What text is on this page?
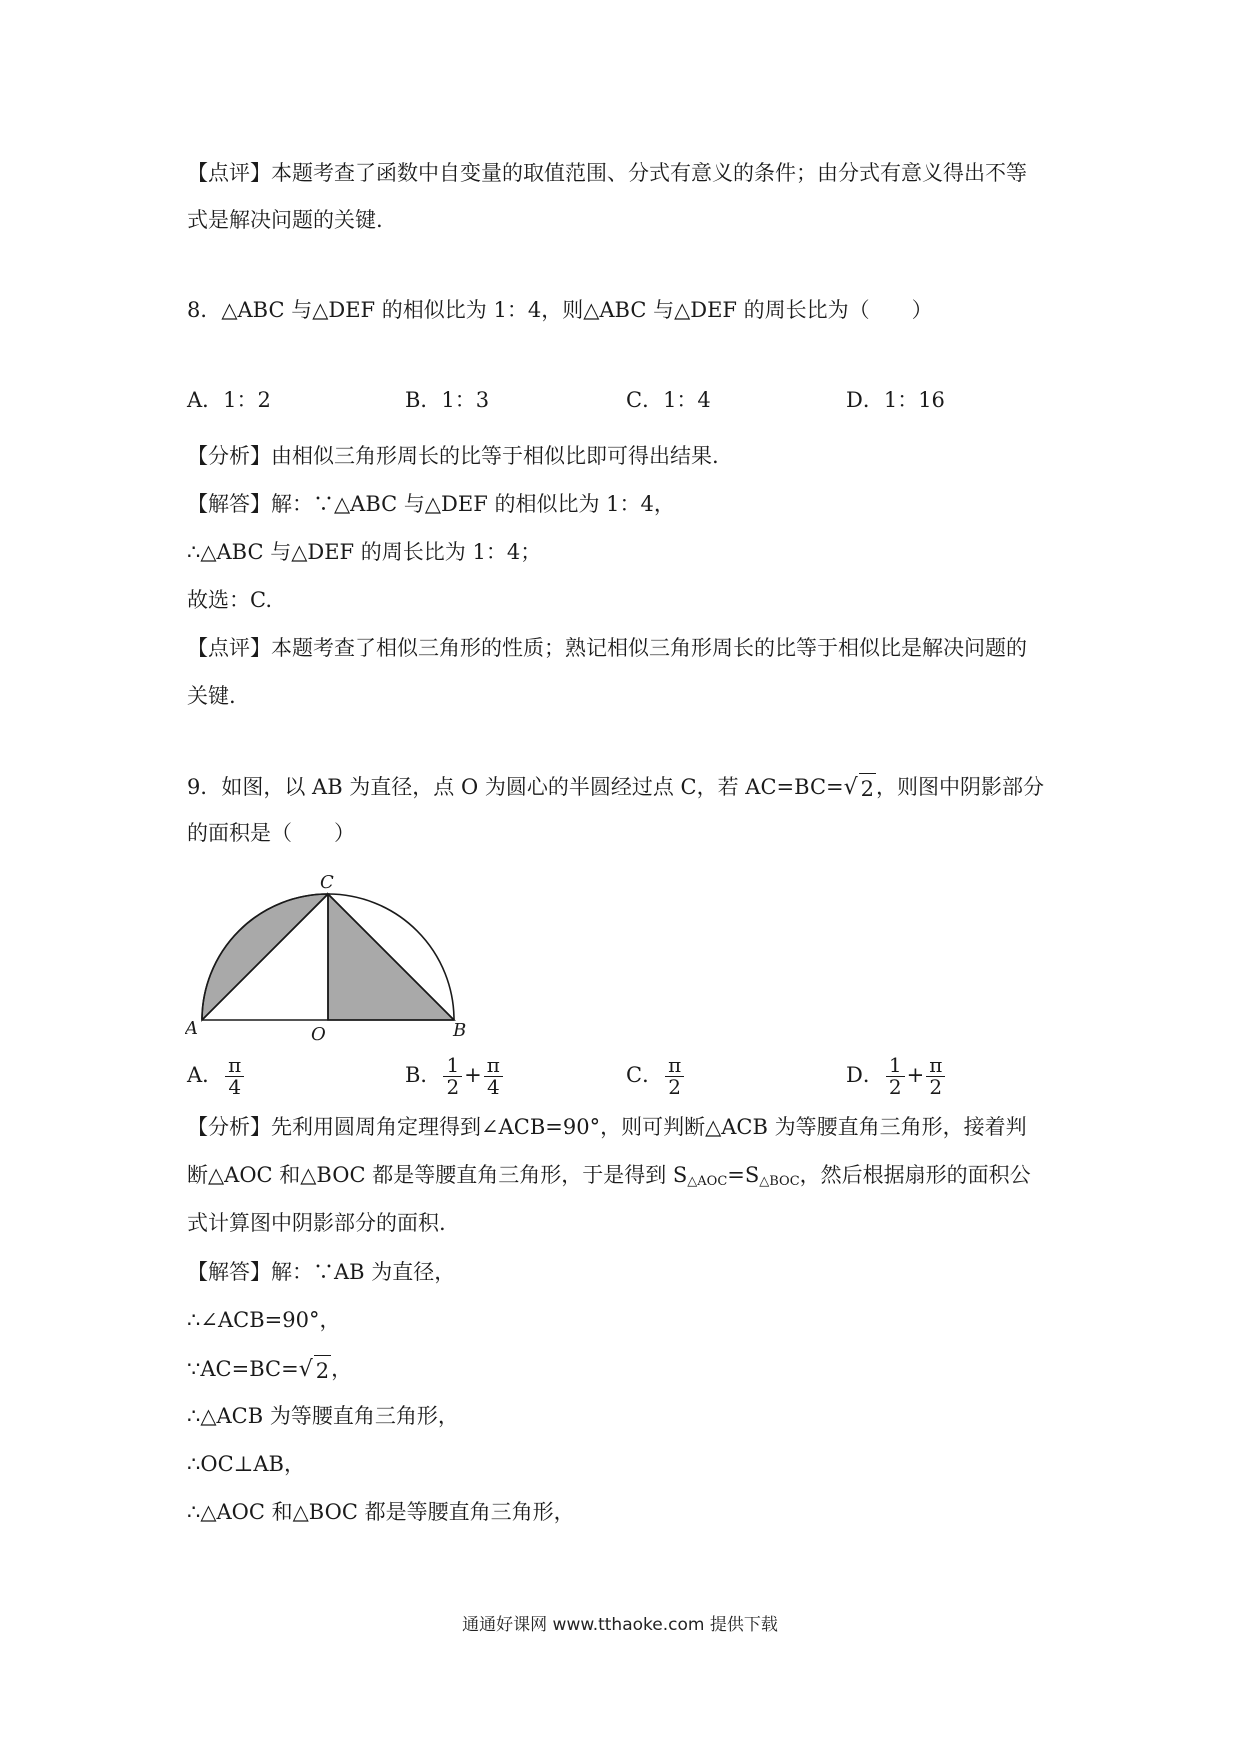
【点评】本题考查了函数中自变量的取值范围、分式有意义的条件；由分式有意义得出不等
式是解决问题的关键.
8．△ABC 与△DEF 的相似比为 1：4，则△ABC 与△DEF 的周长比为（　　）
A．1：2	B．1：3	C．1：4	D．1：16
【分析】由相似三角形周长的比等于相似比即可得出结果.
【解答】解：∵△ABC 与△DEF 的相似比为 1：4，
∴△ABC 与△DEF 的周长比为 1：4；
故选：C.
【点评】本题考查了相似三角形的性质；熟记相似三角形周长的比等于相似比是解决问题的
关键.
9．如图，以 AB 为直径，点 O 为圆心的半圆经过点 C，若 AC=BC=√ 2，则图中阴影部分
的面积是（　　）
C
A	O	B
A． $\frac{\pi}{4}$	B． $\frac{1}{2} + \frac{\pi}{4}$	C． $\frac{\pi}{2}$	D． $\frac{1}{2} + \frac{\pi}{2}$
【分析】先利用圆周角定理得到∠ACB=90°，则可判断△ACB 为等腰直角三角形，接着判
断△AOC 和△BOC 都是等腰直角三角形，于是得到 $S_{\triangle AOC}=S_{\triangle BOC}$，然后根据扇形的面积公
式计算图中阴影部分的面积.
【解答】解：∵AB 为直径，
∴∠ACB=90°，
∵AC=BC=√ 2，
∴△ACB 为等腰直角三角形，
∴OC⊥AB，
∴△AOC 和△BOC 都是等腰直角三角形，
通通好课网 www.tthaoke.com 提供下载
